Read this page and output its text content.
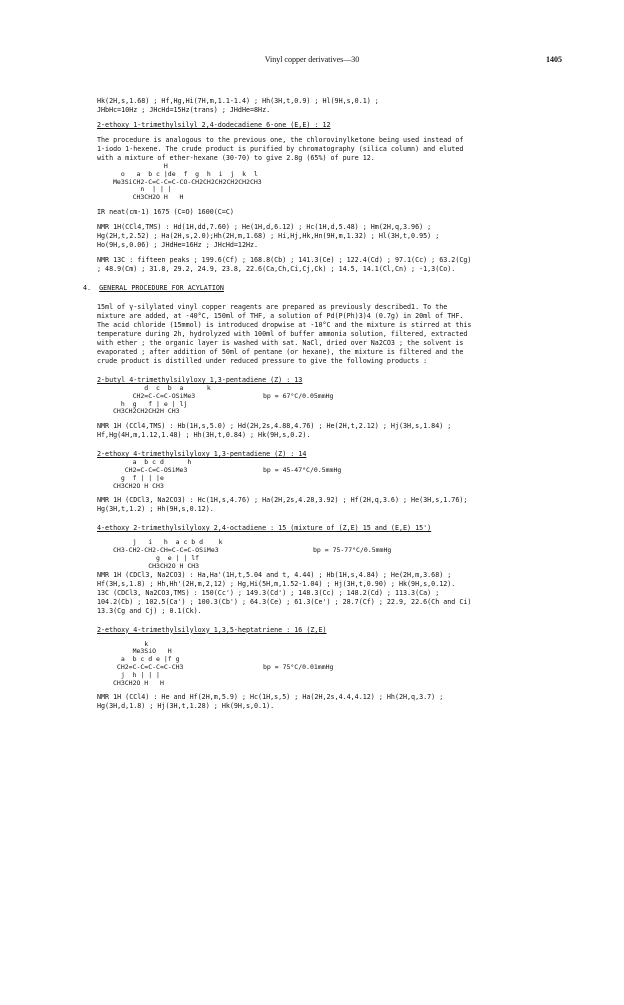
Vinyl copper derivatives—30	1405
Hk(2H,s,1.68) ; Hf,Hg,Hi(7H,m,1.1-1.4) ; Hh(3H,t,0.9) ; Hl(9H,s,0.1) ;
JHbHc=10Hz ; JHcHd=15Hz(trans) ; JHdHe=8Hz.
2-ethoxy 1-trimethylsilyl 2,4-dodecadiene 6-one (E,E) : 12
The procedure is analogous to the previous one, the chlorovinylketone being used instead of
1-iodo 1-hexene. The crude product is purified by chromatography (silica column) and eluted
with a mixture of ether-hexane (30-70) to give 2.8g (65%) of pure 12.
H
o   a  b c |de  f  g  h  i  j  k  l
Me3SiCH2-C=C-C=C-CO-CH2CH2CH2CH2CH2CH3
n  | | |
CH3CH2O H   H
IR neat(cm-1) 1675 (C=O) 1600(C=C)
NMR 1H(CCl4,TMS) : Hd(1H,dd,7.60) ; He(1H,d,6.12) ; Hc(1H,d,5.48) ; Hm(2H,q,3.96) ;
Hg(2H,t,2.52) ; Ha(2H,s,2.0);Hh(2H,m,1.68) ; Hi,Hj,Hk,Hn(9H,m,1.32) ; Hl(3H,t,0.95) ;
Ho(9H,s,0.06) ; JHdHe=16Hz ; JHcHd=12Hz.
NMR 13C : fifteen peaks ; 199.6(Cf) ; 168.8(Cb) ; 141.3(Ce) ; 122.4(Cd) ; 97.1(Cc) ; 63.2(Cg)
; 48.9(Cm) ; 31.8, 29.2, 24.9, 23.8, 22.6(Ca,Ch,Ci,Cj,Ck) ; 14.5, 14.1(Cl,Cn) ; -1,3(Co).
4. GENERAL PROCEDURE FOR ACYLATION
15ml of γ-silylated vinyl copper reagents are prepared as previously described1. To the
mixture are added, at -40°C, 150ml of THF, a solution of Pd(P(Ph)3)4 (0.7g) in 20ml of THF.
The acid chloride (15mmol) is introduced dropwise at -10°C and the mixture is stirred at this
temperature during 2h, hydrolyzed with 100ml of buffer ammonia solution, filtered, extracted
with ether ; the organic layer is washed with sat. NaCl, dried over Na2CO3 ; the solvent is
evaporated ; after addition of 50ml of pentane (or hexane), the mixture is filtered and the
crude product is distilled under reduced pressure to give the following products :
2-butyl 4-trimethylsilyloxy 1,3-pentadiene (Z) : 13
d  c  b  a      k
CH2=C-C=C-OSiMe3	bp = 67°C/0.05mmHg
h  g   f | e | lj
CH3CH2CH2CH2H CH3
NMR 1H (CCl4,TMS) : Hb(1H,s,5.0) ; Hd(2H,2s,4.88,4.76) ; He(2H,t,2.12) ; Hj(3H,s,1.84) ;
Hf,Hg(4H,m,1.12,1.48) ; Hh(3H,t,0.84) ; Hk(9H,s,0.2).
2-ethoxy 4-trimethylsilyloxy 1,3-pentadiene (Z) : 14
a  b c d      h
CH2=C-C=C-OSiMe3	bp = 45-47°C/0.5mmHg
g  f | | |e
CH3CH2O H CH3
NMR 1H (CDCl3, Na2CO3) : Hc(1H,s,4.76) ; Ha(2H,2s,4.28,3.92) ; Hf(2H,q,3.6) ; He(3H,s,1.76);
Hg(3H,t,1.2) ; Hh(9H,s,0.12).
4-ethoxy 2-trimethylsilyloxy 2,4-octadiene : 15 (mixture of (Z,E) 15 and (E,E) 15')
j   i   h  a c b d    k
CH3-CH2-CH2-CH=C-C=C-OSiMe3	bp = 75-77°C/0.5mmHg
g  e | | lf
CH3CH2O H CH3
NMR 1H (CDCl3, Na2CO3) : Ha,Ha'(1H,t,5.04 and t, 4.44) ; Hb(1H,s,4.84) ; He(2H,m,3.68) ;
Hf(3H,s,1.8) ; Hh,Hh'(2H,m,2,12) ; Hg,Hi(5H,m,1.52-1.04) ; Hj(3H,t,0.90) ; Hk(9H,s,0.12).
13C (CDCl3, Na2CO3,TMS) : 150(Cc') ; 149.3(Cd') ; 148.3(Cc) ; 148.2(Cd) ; 113.3(Ca) ;
104.2(Cb) ; 102.5(Ca') ; 100.3(Cb') ; 64.3(Ce) ; 61.3(Ce') ; 28.7(Cf) ; 22.9, 22.6(Ch and Ci)
13.3(Cg and Cj) ; 0.1(Ck).
2-ethoxy 4-trimethylsilyloxy 1,3,5-heptatriene : 16 (Z,E)
k
Me3SiO   H
a  b c d e |f g
CH2=C-C=C-C=C-CH3	bp = 75°C/0.01mmHg
j  h | | |
CH3CH2O H   H
NMR 1H (CCl4) : He and Hf(2H,m,5.9) ; Hc(1H,s,5) ; Ha(2H,2s,4.4,4.12) ; Hh(2H,q,3.7) ;
Hg(3H,d,1.8) ; Hj(3H,t,1.28) ; Hk(9H,s,0.1).
